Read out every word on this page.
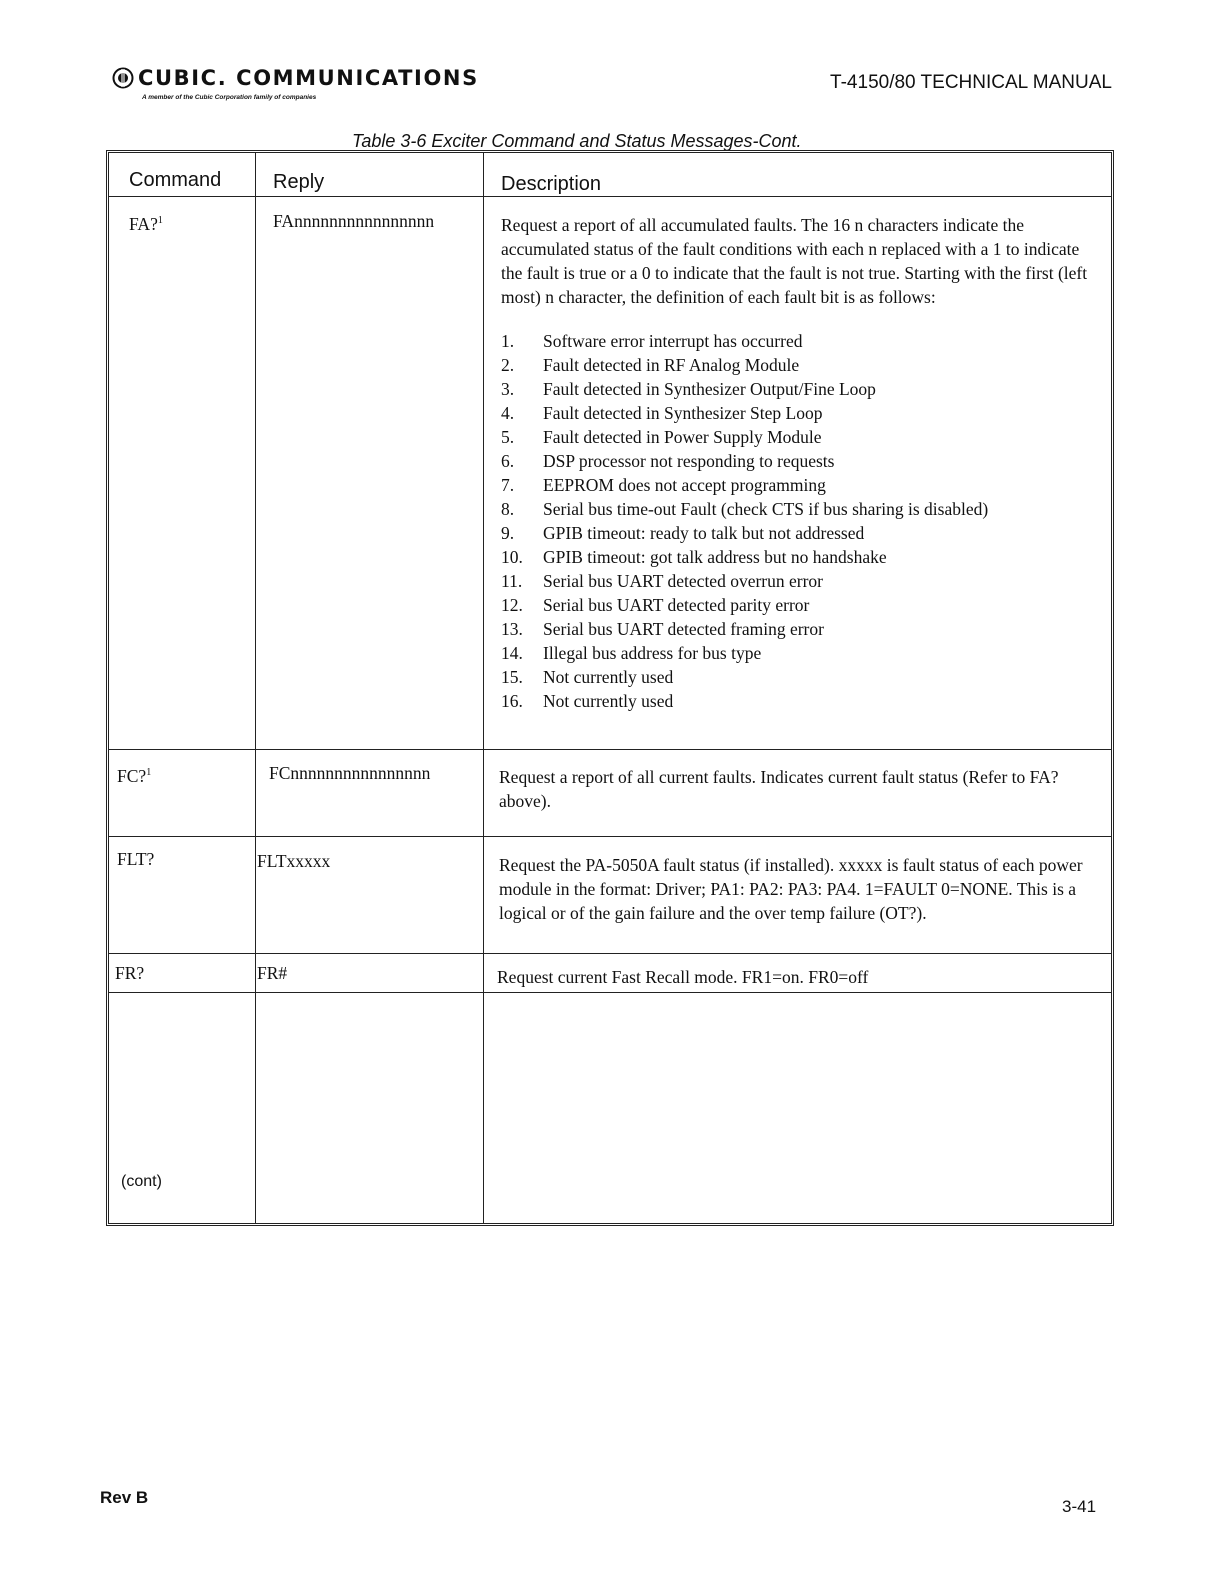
CUBIC. COMMUNICATIONS
A member of the Cubic Corporation family of companies
T-4150/80 TECHNICAL MANUAL
Table 3-6 Exciter Command and Status Messages-Cont.
Command	Reply	Description
FA?$^1$	FAnnnnnnnnnnnnnnnn	Request a report of all accumulated faults. The 16 n characters indicate the accumulated status of the fault conditions with each n replaced with a 1 to indicate the fault is true or a 0 to indicate that the fault is not true. Starting with the first (left most) n character, the definition of each fault bit is as follows:
1.	Software error interrupt has occurred
2.	Fault detected in RF Analog Module
3.	Fault detected in Synthesizer Output/Fine Loop
4.	Fault detected in Synthesizer Step Loop
5.	Fault detected in Power Supply Module
6.	DSP processor not responding to requests
7.	EEPROM does not accept programming
8.	Serial bus time-out Fault (check CTS if bus sharing is disabled)
9.	GPIB timeout: ready to talk but not addressed
10.	GPIB timeout: got talk address but no handshake
11.	Serial bus UART detected overrun error
12.	Serial bus UART detected parity error
13.	Serial bus UART detected framing error
14.	Illegal bus address for bus type
15.	Not currently used
16.	Not currently used
FC?$^1$	FCnnnnnnnnnnnnnnnn	Request a report of all current faults. Indicates current fault status (Refer to FA? above).
FLT?	FLTxxxxx	Request the PA-5050A fault status (if installed). xxxxx is fault status of each power module in the format: Driver; PA1: PA2: PA3: PA4. 1=FAULT 0=NONE. This is a logical or of the gain failure and the over temp failure (OT?).
FR?	FR#	Request current Fast Recall mode. FR1=on. FR0=off
(cont)
Rev B	3-41
